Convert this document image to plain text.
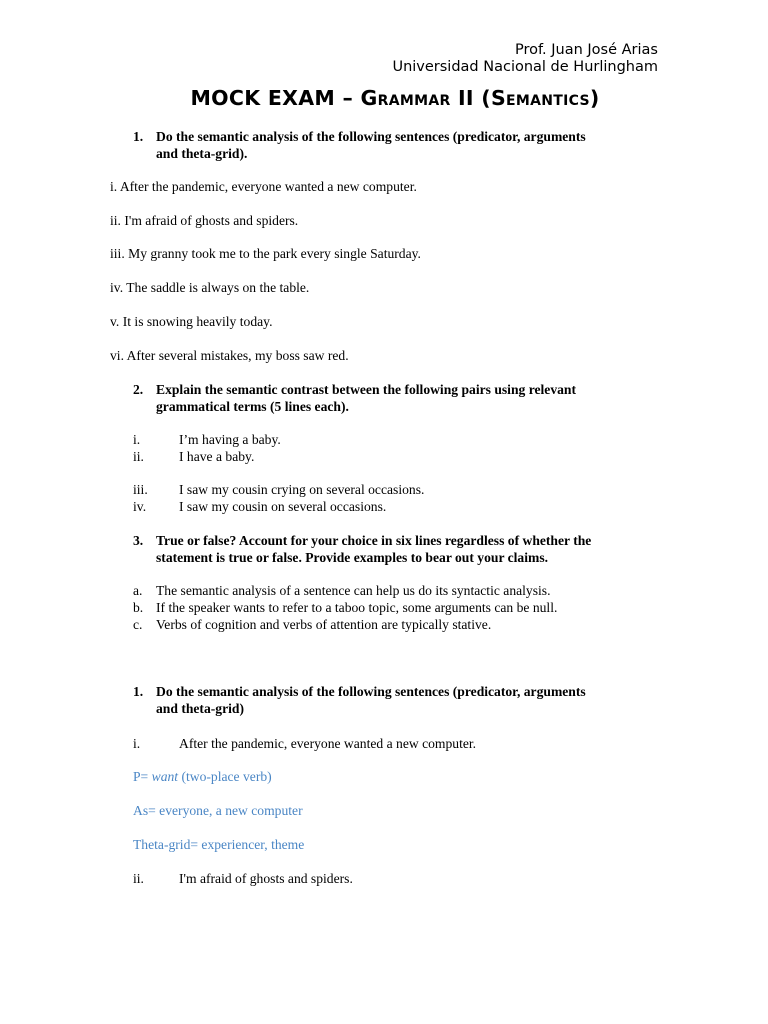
Prof. Juan José Arias
Universidad Nacional de Hurlingham
MOCK EXAM – Grammar II (Semantics)
1. Do the semantic analysis of the following sentences (predicator, arguments
and theta-grid).
i. After the pandemic, everyone wanted a new computer.
ii. I'm afraid of ghosts and spiders.
iii. My granny took me to the park every single Saturday.
iv. The saddle is always on the table.
v. It is snowing heavily today.
vi. After several mistakes, my boss saw red.
2. Explain the semantic contrast between the following pairs using relevant
grammatical terms (5 lines each).
i.	I’m having a baby.
ii.	I have a baby.
iii. I saw my cousin crying on several occasions.
iv. I saw my cousin on several occasions.
3. True or false? Account for your choice in six lines regardless of whether the
statement is true or false. Provide examples to bear out your claims.
a. The semantic analysis of a sentence can help us do its syntactic analysis.
b. If the speaker wants to refer to a taboo topic, some arguments can be null.
c. Verbs of cognition and verbs of attention are typically stative.
1. Do the semantic analysis of the following sentences (predicator, arguments
and theta-grid)
i.	After the pandemic, everyone wanted a new computer.
P= want (two-place verb)
As= everyone, a new computer
Theta-grid= experiencer, theme
ii.	I'm afraid of ghosts and spiders.
